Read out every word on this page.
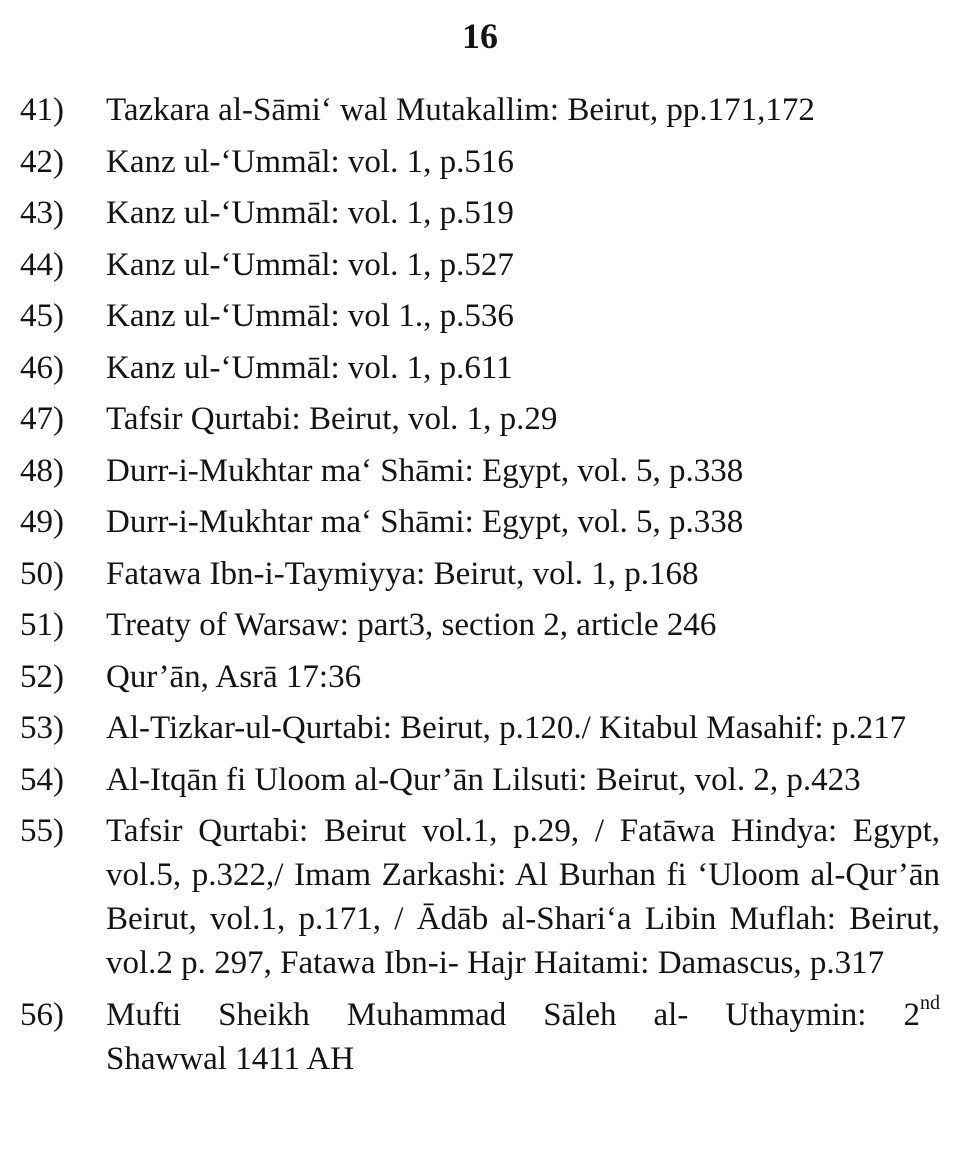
16
41)	Tazkara al-Sāmi‘ wal Mutakallim: Beirut, pp.171,172
42)	Kanz ul-‘Ummāl: vol. 1, p.516
43)	Kanz ul-‘Ummāl: vol. 1, p.519
44)	Kanz ul-‘Ummāl: vol. 1, p.527
45)	Kanz ul-‘Ummāl: vol 1., p.536
46)	Kanz ul-‘Ummāl: vol. 1, p.611
47)	Tafsir Qurtabi: Beirut, vol. 1, p.29
48)	Durr-i-Mukhtar ma‘ Shāmi: Egypt, vol. 5, p.338
49)	Durr-i-Mukhtar ma‘ Shāmi: Egypt, vol. 5, p.338
50)	Fatawa Ibn-i-Taymiyya: Beirut, vol. 1, p.168
51)	Treaty of Warsaw: part3, section 2, article 246
52)	Qur’ān, Asrā 17:36
53)	Al-Tizkar-ul-Qurtabi: Beirut, p.120./ Kitabul Masahif: p.217
54)	Al-Itqān fi Uloom al-Qur’ān Lilsuti: Beirut, vol. 2, p.423
55)	Tafsir Qurtabi: Beirut vol.1, p.29, / Fatāwa Hindya: Egypt, vol.5, p.322,/ Imam Zarkashi: Al Burhan fi ‘Uloom al-Qur’ān Beirut, vol.1, p.171, / Ādāb al-Shari‘a Libin Muflah: Beirut, vol.2 p. 297, Fatawa Ibn-i- Hajr Haitami: Damascus, p.317
56)	Mufti Sheikh Muhammad Sāleh al- Uthaymin: 2nd
Shawwal 1411 AH
